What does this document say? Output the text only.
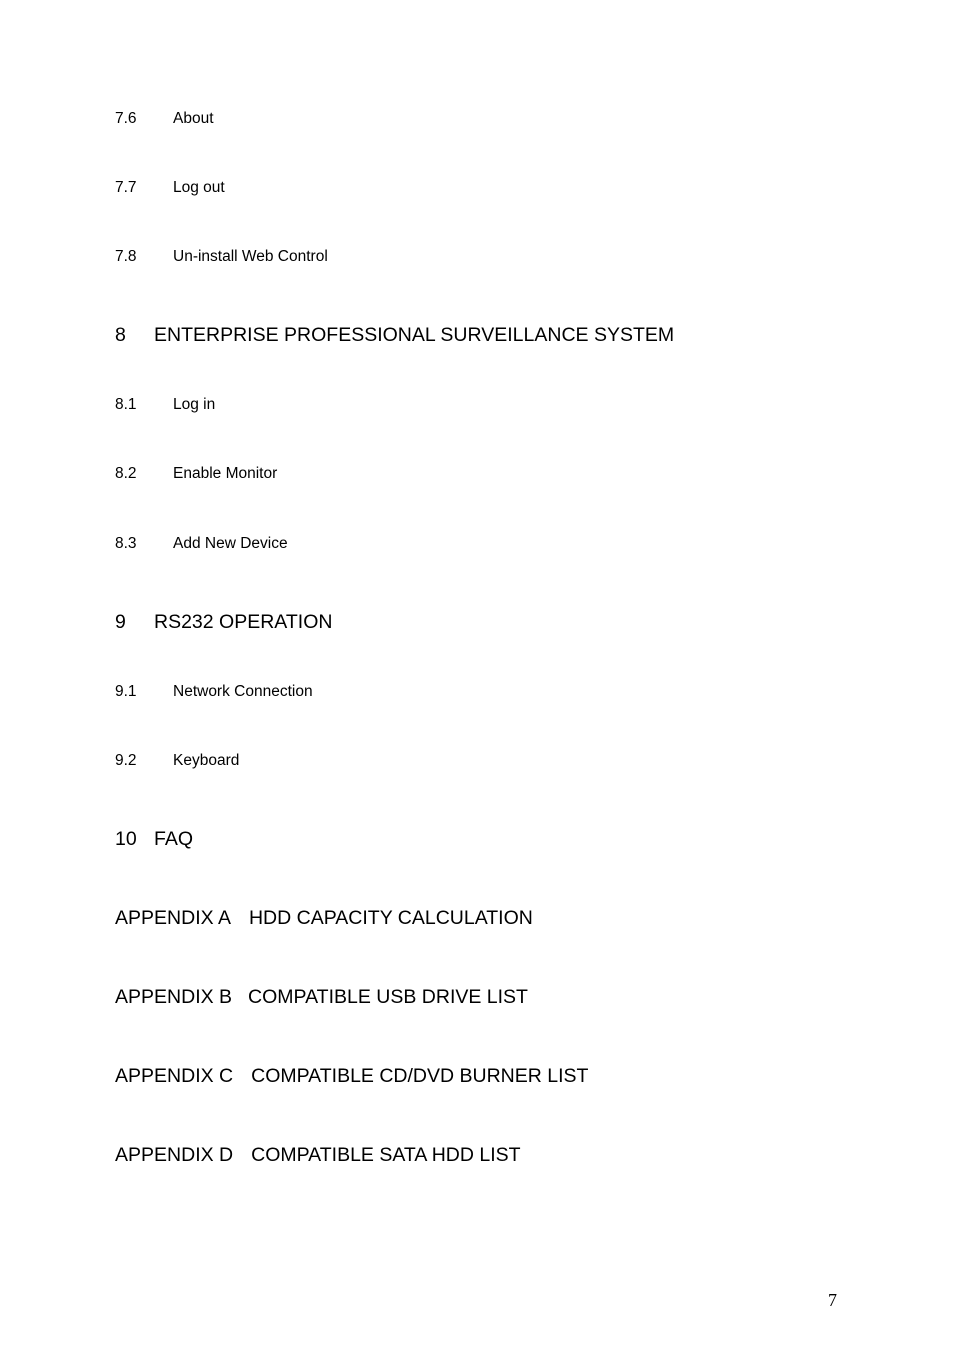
7.6 About
7.7 Log out
7.8 Un-install Web Control
8 ENTERPRISE PROFESSIONAL SURVEILLANCE SYSTEM
8.1 Log in
8.2 Enable Monitor
8.3 Add New Device
9 RS232 OPERATION
9.1 Network Connection
9.2 Keyboard
10 FAQ
APPENDIX A HDD CAPACITY CALCULATION
APPENDIX B COMPATIBLE USB DRIVE LIST
APPENDIX C COMPATIBLE CD/DVD BURNER LIST
APPENDIX D COMPATIBLE SATA HDD LIST
7
